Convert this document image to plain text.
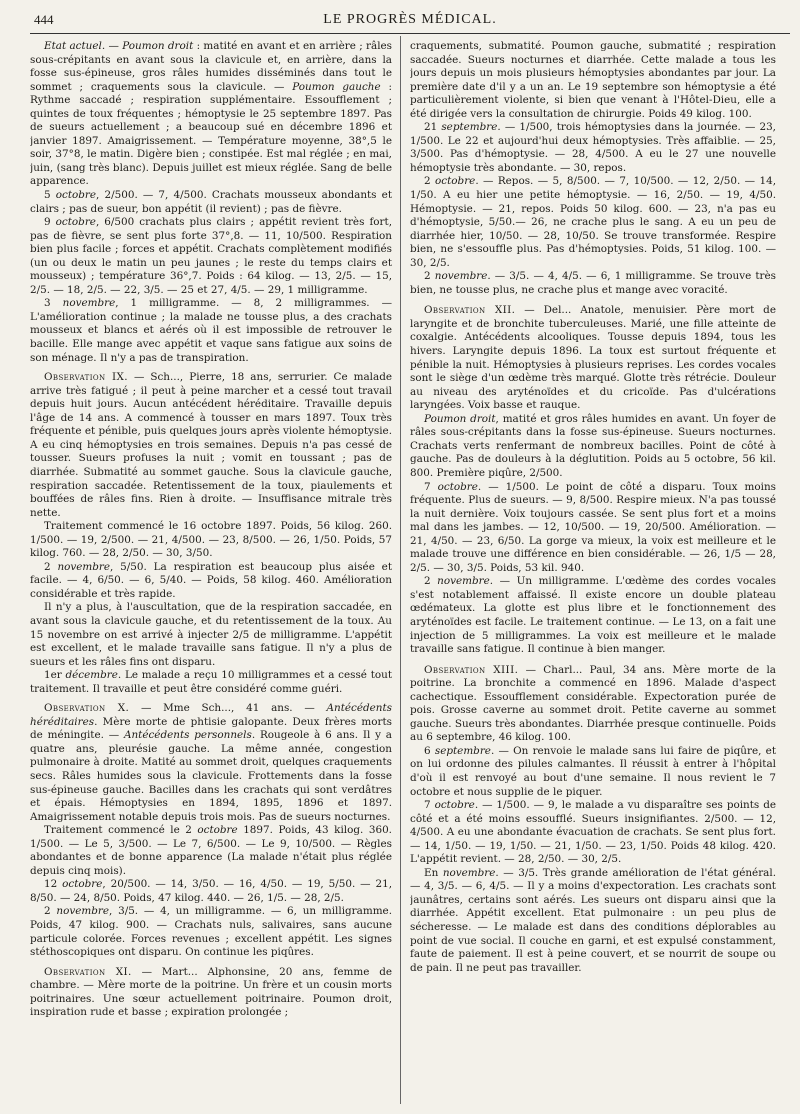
444	LE PROGRÈS MÉDICAL.

Etat actuel. — Poumon droit : matité en avant et en arrière ; râles sous-crépitants en avant sous la clavicule et, en arrière, dans la fosse sus-épineuse, gros râles humides disséminés dans tout le sommet ; craquements sous la clavicule. — Poumon gauche : Rythme saccadé ; respiration supplémentaire. Essoufflement ; quintes de toux fréquentes ; hémoptysie le 25 septembre 1897. Pas de sueurs actuellement ; a beaucoup sué en décembre 1896 et janvier 1897. Amaigrissement. — Température moyenne, 38°,5 le soir, 37°8, le matin. Digère bien ; constipée. Est mal réglée ; en mai, juin, (sang très blanc). Depuis juillet est mieux réglée. Sang de belle apparence.

5 octobre, 2/500. — 7, 4/500. Crachats mousseux abondants et clairs ; pas de sueur, bon appétit (il revient) ; pas de fièvre.

9 octobre, 6/500 crachats plus clairs ; appétit revient très fort, pas de fièvre, se sent plus forte 37°,8. — 11, 10/500. Respiration bien plus facile ; forces et appétit. Crachats complètement modifiés (un ou deux le matin un peu jaunes ; le reste du temps clairs et mousseux) ; température 36°,7. Poids : 64 kilog. — 13, 2/5. — 15, 2/5. — 18, 2/5. — 22, 3/5. — 25 et 27, 4/5. — 29, 1 milligramme.

3 novembre, 1 milligramme. — 8, 2 milligrammes. — L'amélioration continue ; la malade ne tousse plus, a des crachats mousseux et blancs et aérés où il est impossible de retrouver le bacille. Elle mange avec appétit et vaque sans fatigue aux soins de son ménage. Il n'y a pas de transpiration.

Observation IX. — Sch..., Pierre, 18 ans, serrurier. Ce malade arrive très fatigué ; il peut à peine marcher et a cessé tout travail depuis huit jours. Aucun antécédent héréditaire. Travaille depuis l'âge de 14 ans. A commencé à tousser en mars 1897. Toux très fréquente et pénible, puis quelques jours après violente hémoptysie. A eu cinq hémoptysies en trois semaines. Depuis n'a pas cessé de tousser. Sueurs profuses la nuit ; vomit en toussant ; pas de diarrhée. Submatité au sommet gauche. Sous la clavicule gauche, respiration saccadée. Retentissement de la toux, piaulements et bouffées de râles fins. Rien à droite. — Insuffisance mitrale très nette.

Traitement commencé le 16 octobre 1897. Poids, 56 kilog. 260. 1/500. — 19, 2/500. — 21, 4/500. — 23, 8/500. — 26, 1/50. Poids, 57 kilog. 760. — 28, 2/50. — 30, 3/50.

2 novembre, 5/50. La respiration est beaucoup plus aisée et facile. — 4, 6/50. — 6, 5/40. — Poids, 58 kilog. 460. Amélioration considérable et très rapide.

Il n'y a plus, à l'auscultation, que de la respiration saccadée, en avant sous la clavicule gauche, et du retentissement de la toux. Au 15 novembre on est arrivé à injecter 2/5 de milligramme. L'appétit est excellent, et le malade travaille sans fatigue. Il n'y a plus de sueurs et les râles fins ont disparu.

1er décembre. Le malade a reçu 10 milligrammes et a cessé tout traitement. Il travaille et peut être considéré comme guéri.

Observation X. — Mme Sch..., 41 ans. — Antécédents héréditaires. Mère morte de phtisie galopante. Deux frères morts de méningite. — Antécédents personnels. Rougeole à 6 ans. Il y a quatre ans, pleurésie gauche. La même année, congestion pulmonaire à droite. Matité au sommet droit, quelques craquements secs. Râles humides sous la clavicule. Frottements dans la fosse sus-épineuse gauche. Bacilles dans les crachats qui sont verdâtres et épais. Hémoptysies en 1894, 1895, 1896 et 1897. Amaigrissement notable depuis trois mois. Pas de sueurs nocturnes.

Traitement commencé le 2 octobre 1897. Poids, 43 kilog. 360. 1/500. — Le 5, 3/500. — Le 7, 6/500. — Le 9, 10/500. — Règles abondantes et de bonne apparence (La malade n'était plus réglée depuis cinq mois).

12 octobre, 20/500. — 14, 3/50. — 16, 4/50. — 19, 5/50. — 21, 8/50. — 24, 8/50. Poids, 47 kilog. 440. — 26, 1/5. — 28, 2/5.

2 novembre, 3/5. — 4, un milligramme. — 6, un milligramme. Poids, 47 kilog. 900. — Crachats nuls, salivaires, sans aucune particule colorée. Forces revenues ; excellent appétit. Les signes stéthoscopiques ont disparu. On continue les piqûres.

Observation XI. — Mart... Alphonsine, 20 ans, femme de chambre. — Mère morte de la poitrine. Un frère et un cousin morts poitrinaires. Une sœur actuellement poitrinaire. Poumon droit, inspiration rude et basse ; expiration prolongée ;

craquements, submatité. Poumon gauche, submatité ; respiration saccadée. Sueurs nocturnes et diarrhée. Cette malade a tous les jours depuis un mois plusieurs hémoptysies abondantes par jour. La première date d'il y a un an. Le 19 septembre son hémoptysie a été particulièrement violente, si bien que venant à l'Hôtel-Dieu, elle a été dirigée vers la consultation de chirurgie. Poids 49 kilog. 100.

21 septembre. — 1/500, trois hémoptysies dans la journée. — 23, 1/500. Le 22 et aujourd'hui deux hémoptysies. Très affaiblie. — 25, 3/500. Pas d'hémoptysie. — 28, 4/500. A eu le 27 une nouvelle hémoptysie très abondante. — 30, repos.

2 octobre. — Repos. — 5, 8/500. — 7, 10/500. — 12, 2/50. — 14, 1/50. A eu hier une petite hémoptysie. — 16, 2/50. — 19, 4/50. Hémoptysie. — 21, repos. Poids 50 kilog. 600. — 23, n'a pas eu d'hémoptysie, 5/50.— 26, ne crache plus le sang. A eu un peu de diarrhée hier, 10/50. — 28, 10/50. Se trouve transformée. Respire bien, ne s'essouffle plus. Pas d'hémoptysies. Poids, 51 kilog. 100. —30, 2/5.

2 novembre. — 3/5. — 4, 4/5. — 6, 1 milligramme. Se trouve très bien, ne tousse plus, ne crache plus et mange avec voracité.

Observation XII. — Del... Anatole, menuisier. Père mort de laryngite et de bronchite tuberculeuses. Marié, une fille atteinte de coxalgie. Antécédents alcooliques. Tousse depuis 1894, tous les hivers. Laryngite depuis 1896. La toux est surtout fréquente et pénible la nuit. Hémoptysies à plusieurs reprises. Les cordes vocales sont le siège d'un œdème très marqué. Glotte très rétrécie. Douleur au niveau des aryténoïdes et du cricoïde. Pas d'ulcérations laryngées. Voix basse et rauque.

Poumon droit, matité et gros râles humides en avant. Un foyer de râles sous-crépitants dans la fosse sus-épineuse. Sueurs nocturnes. Crachats verts renfermant de nombreux bacilles. Point de côté à gauche. Pas de douleurs à la déglutition. Poids au 5 octobre, 56 kil. 800. Première piqûre, 2/500.

7 octobre. — 1/500. Le point de côté a disparu. Toux moins fréquente. Plus de sueurs. — 9, 8/500. Respire mieux. N'a pas toussé la nuit dernière. Voix toujours cassée. Se sent plus fort et a moins mal dans les jambes. — 12, 10/500. — 19, 20/500. Amélioration. — 21, 4/50. — 23, 6/50. La gorge va mieux, la voix est meilleure et le malade trouve une différence en bien considérable. — 26, 1/5 — 28, 2/5. — 30, 3/5. Poids, 53 kil. 940.

2 novembre. — Un milligramme. L'œdème des cordes vocales s'est notablement affaissé. Il existe encore un double plateau œdémateux. La glotte est plus libre et le fonctionnement des aryténoïdes est facile. Le traitement continue. — Le 13, on a fait une injection de 5 milligrammes. La voix est meilleure et le malade travaille sans fatigue. Il continue à bien manger.

Observation XIII. — Charl... Paul, 34 ans. Mère morte de la poitrine. La bronchite a commencé en 1896. Malade d'aspect cachectique. Essoufflement considérable. Expectoration purée de pois. Grosse caverne au sommet droit. Petite caverne au sommet gauche. Sueurs très abondantes. Diarrhée presque continuelle. Poids au 6 septembre, 46 kilog. 100.

6 septembre. — On renvoie le malade sans lui faire de piqûre, et on lui ordonne des pilules calmantes. Il réussit à entrer à l'hôpital d'où il est renvoyé au bout d'une semaine. Il nous revient le 7 octobre et nous supplie de le piquer.

7 octobre. — 1/500. — 9, le malade a vu disparaître ses points de côté et a été moins essoufflé. Sueurs insignifiantes. 2/500. — 12, 4/500. A eu une abondante évacuation de crachats. Se sent plus fort. — 14, 1/50. — 19, 1/50. — 21, 1/50. — 23, 1/50. Poids 48 kilog. 420. L'appétit revient. — 28, 2/50. — 30, 2/5.

En novembre. — 3/5. Très grande amélioration de l'état général. — 4, 3/5. — 6, 4/5. — Il y a moins d'expectoration. Les crachats sont jaunâtres, certains sont aérés. Les sueurs ont disparu ainsi que la diarrhée. Appétit excellent. Etat pulmonaire : un peu plus de sécheresse. — Le malade est dans des conditions déplorables au point de vue social. Il couche en garni, et est expulsé constamment, faute de paiement. Il est à peine couvert, et se nourrit de soupe ou de pain. Il ne peut pas travailler.
